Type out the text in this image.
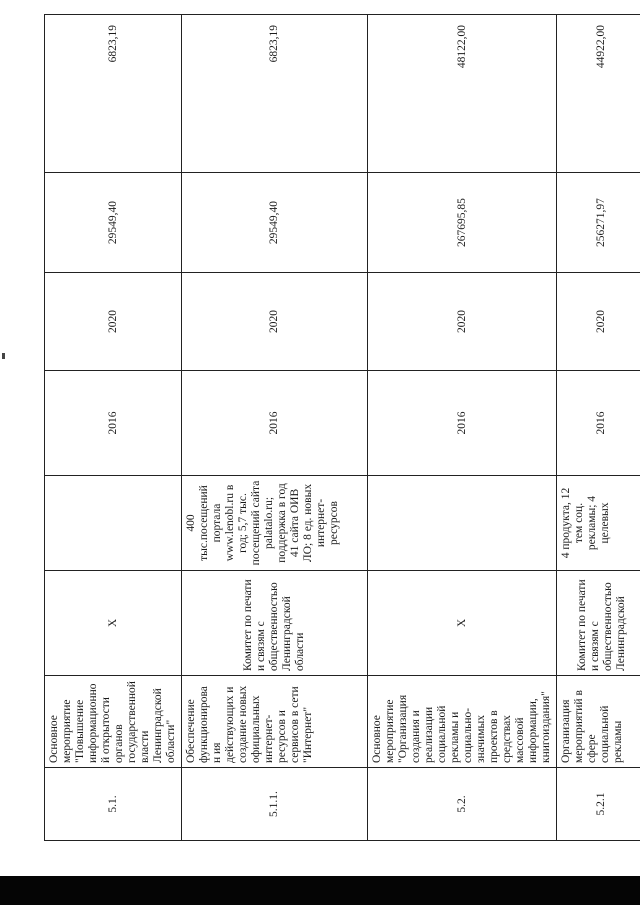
5.1.	Основное мероприятие "Повышение информационной открытости органов государственной власти Ленинградской области"	Х		2016	2020	29549,40	6823,19
5.1.1.	Обеспечение функционирован ия действующих и создание новых официальных интернет-ресурсов и сервисов в сети "Интернет"	Комитет по печати и связям с общественностью Ленинградской области	400 тыс.посещений портала www.lenobl.ru в год; 5,7 тыс. посещений сайта palatalo.ru; поддержка в год 41 сайта ОИВ ЛО; 8 ед. новых интернет-ресурсов	2016	2020	29549,40	6823,19
5.2.	Основное мероприятие "Организация создания и реализации социальной рекламы и социально-значимых проектов в средствах массовой информации, книгоиздания"	Х		2016	2020	267695,85	48122,00
5.2.1	Организация мероприятий в сфере социальной рекламы	Комитет по печати и связям с общественностью Ленинградской	4 продукта, 12 тем соц. рекламы; 4 целевых	2016	2020	256271,97	44922,00
